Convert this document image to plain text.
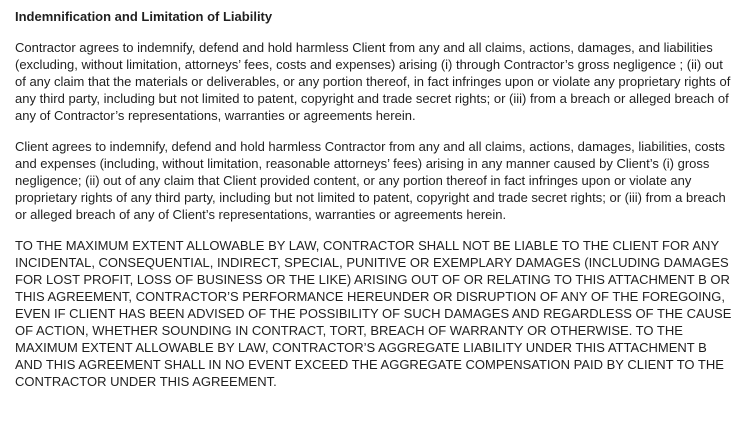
Indemnification and Limitation of Liability

Contractor agrees to indemnify, defend and hold harmless Client from any and all claims, actions, damages, and liabilities (excluding, without limitation, attorneys’ fees, costs and expenses) arising (i) through Contractor’s gross negligence ; (ii) out of any claim that the materials or deliverables, or any portion thereof, in fact infringes upon or violate any proprietary rights of any third party, including but not limited to patent, copyright and trade secret rights; or (iii) from a breach or alleged breach of any of Contractor’s representations, warranties or agreements herein.

Client agrees to indemnify, defend and hold harmless Contractor from any and all claims, actions, damages, liabilities, costs and expenses (including, without limitation, reasonable attorneys’ fees) arising in any manner caused by Client’s (i) gross negligence; (ii) out of any claim that Client provided content, or any portion thereof in fact infringes upon or violate any proprietary rights of any third party, including but not limited to patent, copyright and trade secret rights; or (iii) from a breach or alleged breach of any of Client’s representations, warranties or agreements herein.

TO THE MAXIMUM EXTENT ALLOWABLE BY LAW, CONTRACTOR SHALL NOT BE LIABLE TO THE CLIENT FOR ANY INCIDENTAL, CONSEQUENTIAL, INDIRECT, SPECIAL, PUNITIVE OR EXEMPLARY DAMAGES (INCLUDING DAMAGES FOR LOST PROFIT, LOSS OF BUSINESS OR THE LIKE) ARISING OUT OF OR RELATING TO THIS ATTACHMENT B OR THIS AGREEMENT, CONTRACTOR’S PERFORMANCE HEREUNDER OR DISRUPTION OF ANY OF THE FOREGOING, EVEN IF CLIENT HAS BEEN ADVISED OF THE POSSIBILITY OF SUCH DAMAGES AND REGARDLESS OF THE CAUSE OF ACTION, WHETHER SOUNDING IN CONTRACT, TORT, BREACH OF WARRANTY OR OTHERWISE. TO THE MAXIMUM EXTENT ALLOWABLE BY LAW, CONTRACTOR’S AGGREGATE LIABILITY UNDER THIS ATTACHMENT B AND THIS AGREEMENT SHALL IN NO EVENT EXCEED THE AGGREGATE COMPENSATION PAID BY CLIENT TO THE CONTRACTOR UNDER THIS AGREEMENT.
